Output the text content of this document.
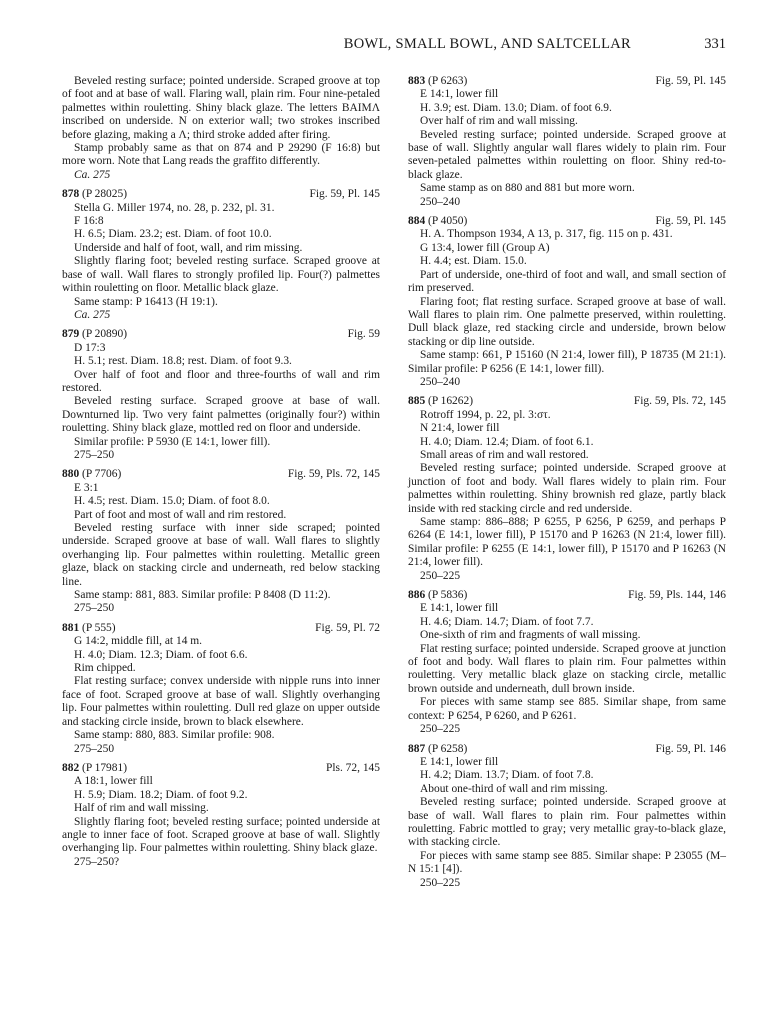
BOWL, SMALL BOWL, AND SALTCELLAR	331

Beveled resting surface; pointed underside. Scraped groove at top of foot and at base of wall. Flaring wall, plain rim. Four nine-petaled palmettes within rouletting. Shiny black glaze. The letters ΒΑΙΜΛ inscribed on underside. Ν on exterior wall; two strokes inscribed before glazing, making a Λ; third stroke added after firing.

Stamp probably same as that on 874 and P 29290 (F 16:8) but more worn. Note that Lang reads the graffito differently.

Ca. 275

878 (P 28025)	Fig. 59, Pl. 145

Stella G. Miller 1974, no. 28, p. 232, pl. 31.

F 16:8

H. 6.5; Diam. 23.2; est. Diam. of foot 10.0.

Underside and half of foot, wall, and rim missing.

Slightly flaring foot; beveled resting surface. Scraped groove at base of wall. Wall flares to strongly profiled lip. Four(?) palmettes within rouletting on floor. Metallic black glaze.

Same stamp: P 16413 (H 19:1).

Ca. 275

879 (P 20890)	Fig. 59

D 17:3

H. 5.1; rest. Diam. 18.8; rest. Diam. of foot 9.3.

Over half of foot and floor and three-fourths of wall and rim restored.

Beveled resting surface. Scraped groove at base of wall. Downturned lip. Two very faint palmettes (originally four?) within rouletting. Shiny black glaze, mottled red on floor and underside.

Similar profile: P 5930 (E 14:1, lower fill).

275–250

880 (P 7706)	Fig. 59, Pls. 72, 145

E 3:1

H. 4.5; rest. Diam. 15.0; Diam. of foot 8.0.

Part of foot and most of wall and rim restored.

Beveled resting surface with inner side scraped; pointed underside. Scraped groove at base of wall. Wall flares to slightly overhanging lip. Four palmettes within rouletting. Metallic green glaze, black on stacking circle and underneath, red below stacking line.

Same stamp: 881, 883. Similar profile: P 8408 (D 11:2).

275–250

881 (P 555)	Fig. 59, Pl. 72

G 14:2, middle fill, at 14 m.

H. 4.0; Diam. 12.3; Diam. of foot 6.6.

Rim chipped.

Flat resting surface; convex underside with nipple runs into inner face of foot. Scraped groove at base of wall. Slightly overhanging lip. Four palmettes within rouletting. Dull red glaze on upper outside and stacking circle inside, brown to black elsewhere.

Same stamp: 880, 883. Similar profile: 908.

275–250

882 (P 17981)	Pls. 72, 145

A 18:1, lower fill

H. 5.9; Diam. 18.2; Diam. of foot 9.2.

Half of rim and wall missing.

Slightly flaring foot; beveled resting surface; pointed underside at angle to inner face of foot. Scraped groove at base of wall. Slightly overhanging lip. Four palmettes within rouletting. Shiny black glaze.

275–250?

883 (P 6263)	Fig. 59, Pl. 145

E 14:1, lower fill

H. 3.9; est. Diam. 13.0; Diam. of foot 6.9.

Over half of rim and wall missing.

Beveled resting surface; pointed underside. Scraped groove at base of wall. Slightly angular wall flares widely to plain rim. Four seven-petaled palmettes within rouletting on floor. Shiny red-to-black glaze.

Same stamp as on 880 and 881 but more worn.

250–240

884 (P 4050)	Fig. 59, Pl. 145

H. A. Thompson 1934, A 13, p. 317, fig. 115 on p. 431.

G 13:4, lower fill (Group A)

H. 4.4; est. Diam. 15.0.

Part of underside, one-third of foot and wall, and small section of rim preserved.

Flaring foot; flat resting surface. Scraped groove at base of wall. Wall flares to plain rim. One palmette preserved, within rouletting. Dull black glaze, red stacking circle and underside, brown below stacking or dip line outside.

Same stamp: 661, P 15160 (N 21:4, lower fill), P 18735 (M 21:1). Similar profile: P 6256 (E 14:1, lower fill).

250–240

885 (P 16262)	Fig. 59, Pls. 72, 145

Rotroff 1994, p. 22, pl. 3:στ.

N 21:4, lower fill

H. 4.0; Diam. 12.4; Diam. of foot 6.1.

Small areas of rim and wall restored.

Beveled resting surface; pointed underside. Scraped groove at junction of foot and body. Wall flares widely to plain rim. Four palmettes within rouletting. Shiny brownish red glaze, partly black inside with red stacking circle and red underside.

Same stamp: 886–888; P 6255, P 6256, P 6259, and perhaps P 6264 (E 14:1, lower fill), P 15170 and P 16263 (N 21:4, lower fill). Similar profile: P 6255 (E 14:1, lower fill), P 15170 and P 16263 (N 21:4, lower fill).

250–225

886 (P 5836)	Fig. 59, Pls. 144, 146

E 14:1, lower fill

H. 4.6; Diam. 14.7; Diam. of foot 7.7.

One-sixth of rim and fragments of wall missing.

Flat resting surface; pointed underside. Scraped groove at junction of foot and body. Wall flares to plain rim. Four palmettes within rouletting. Very metallic black glaze on stacking circle, metallic brown outside and underneath, dull brown inside.

For pieces with same stamp see 885. Similar shape, from same context: P 6254, P 6260, and P 6261.

250–225

887 (P 6258)	Fig. 59, Pl. 146

E 14:1, lower fill

H. 4.2; Diam. 13.7; Diam. of foot 7.8.

About one-third of wall and rim missing.

Beveled resting surface; pointed underside. Scraped groove at base of wall. Wall flares to plain rim. Four palmettes within rouletting. Fabric mottled to gray; very metallic gray-to-black glaze, with stacking circle.

For pieces with same stamp see 885. Similar shape: P 23055 (M–N 15:1 [4]).

250–225
